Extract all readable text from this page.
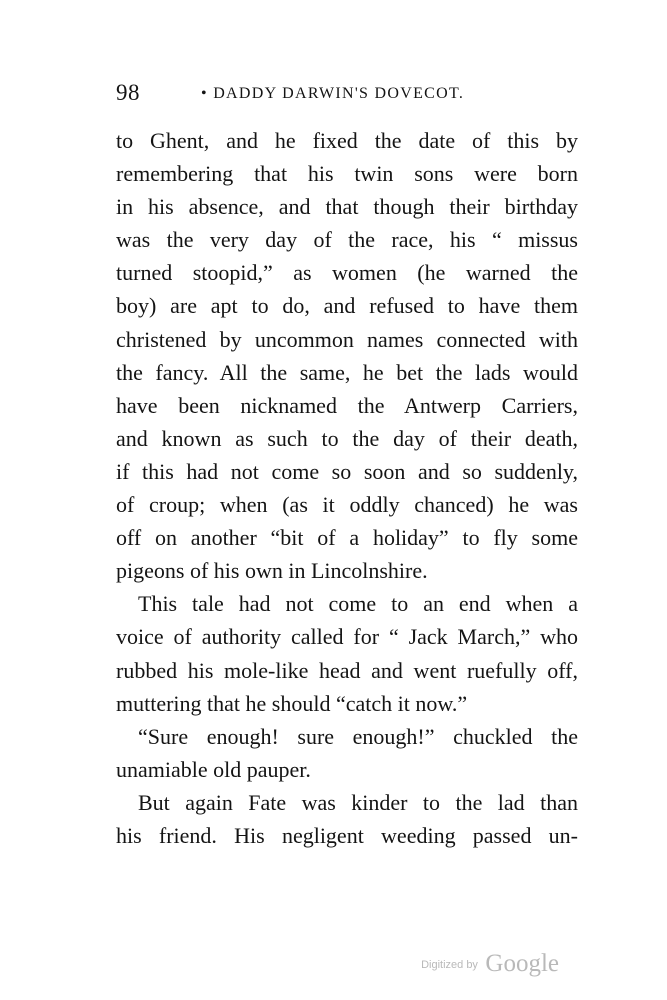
98	• DADDY DARWIN'S DOVECOT.
to Ghent, and he fixed the date of this by
remembering that his twin sons were born
in his absence, and that though their birthday
was the very day of the race, his “ missus
turned stoopid,” as women (he warned the
boy) are apt to do, and refused to have them
christened by uncommon names connected with
the fancy. All the same, he bet the lads would
have been nicknamed the Antwerp Carriers,
and known as such to the day of their death,
if this had not come so soon and so suddenly,
of croup; when (as it oddly chanced) he was
off on another “bit of a holiday” to fly some
pigeons of his own in Lincolnshire.
This tale had not come to an end when a
voice of authority called for “ Jack March,” who
rubbed his mole-like head and went ruefully off,
muttering that he should “catch it now.”
“Sure enough! sure enough!” chuckled the
unamiable old pauper.
But again Fate was kinder to the lad than
his friend. His negligent weeding passed un-
Digitized by Google
